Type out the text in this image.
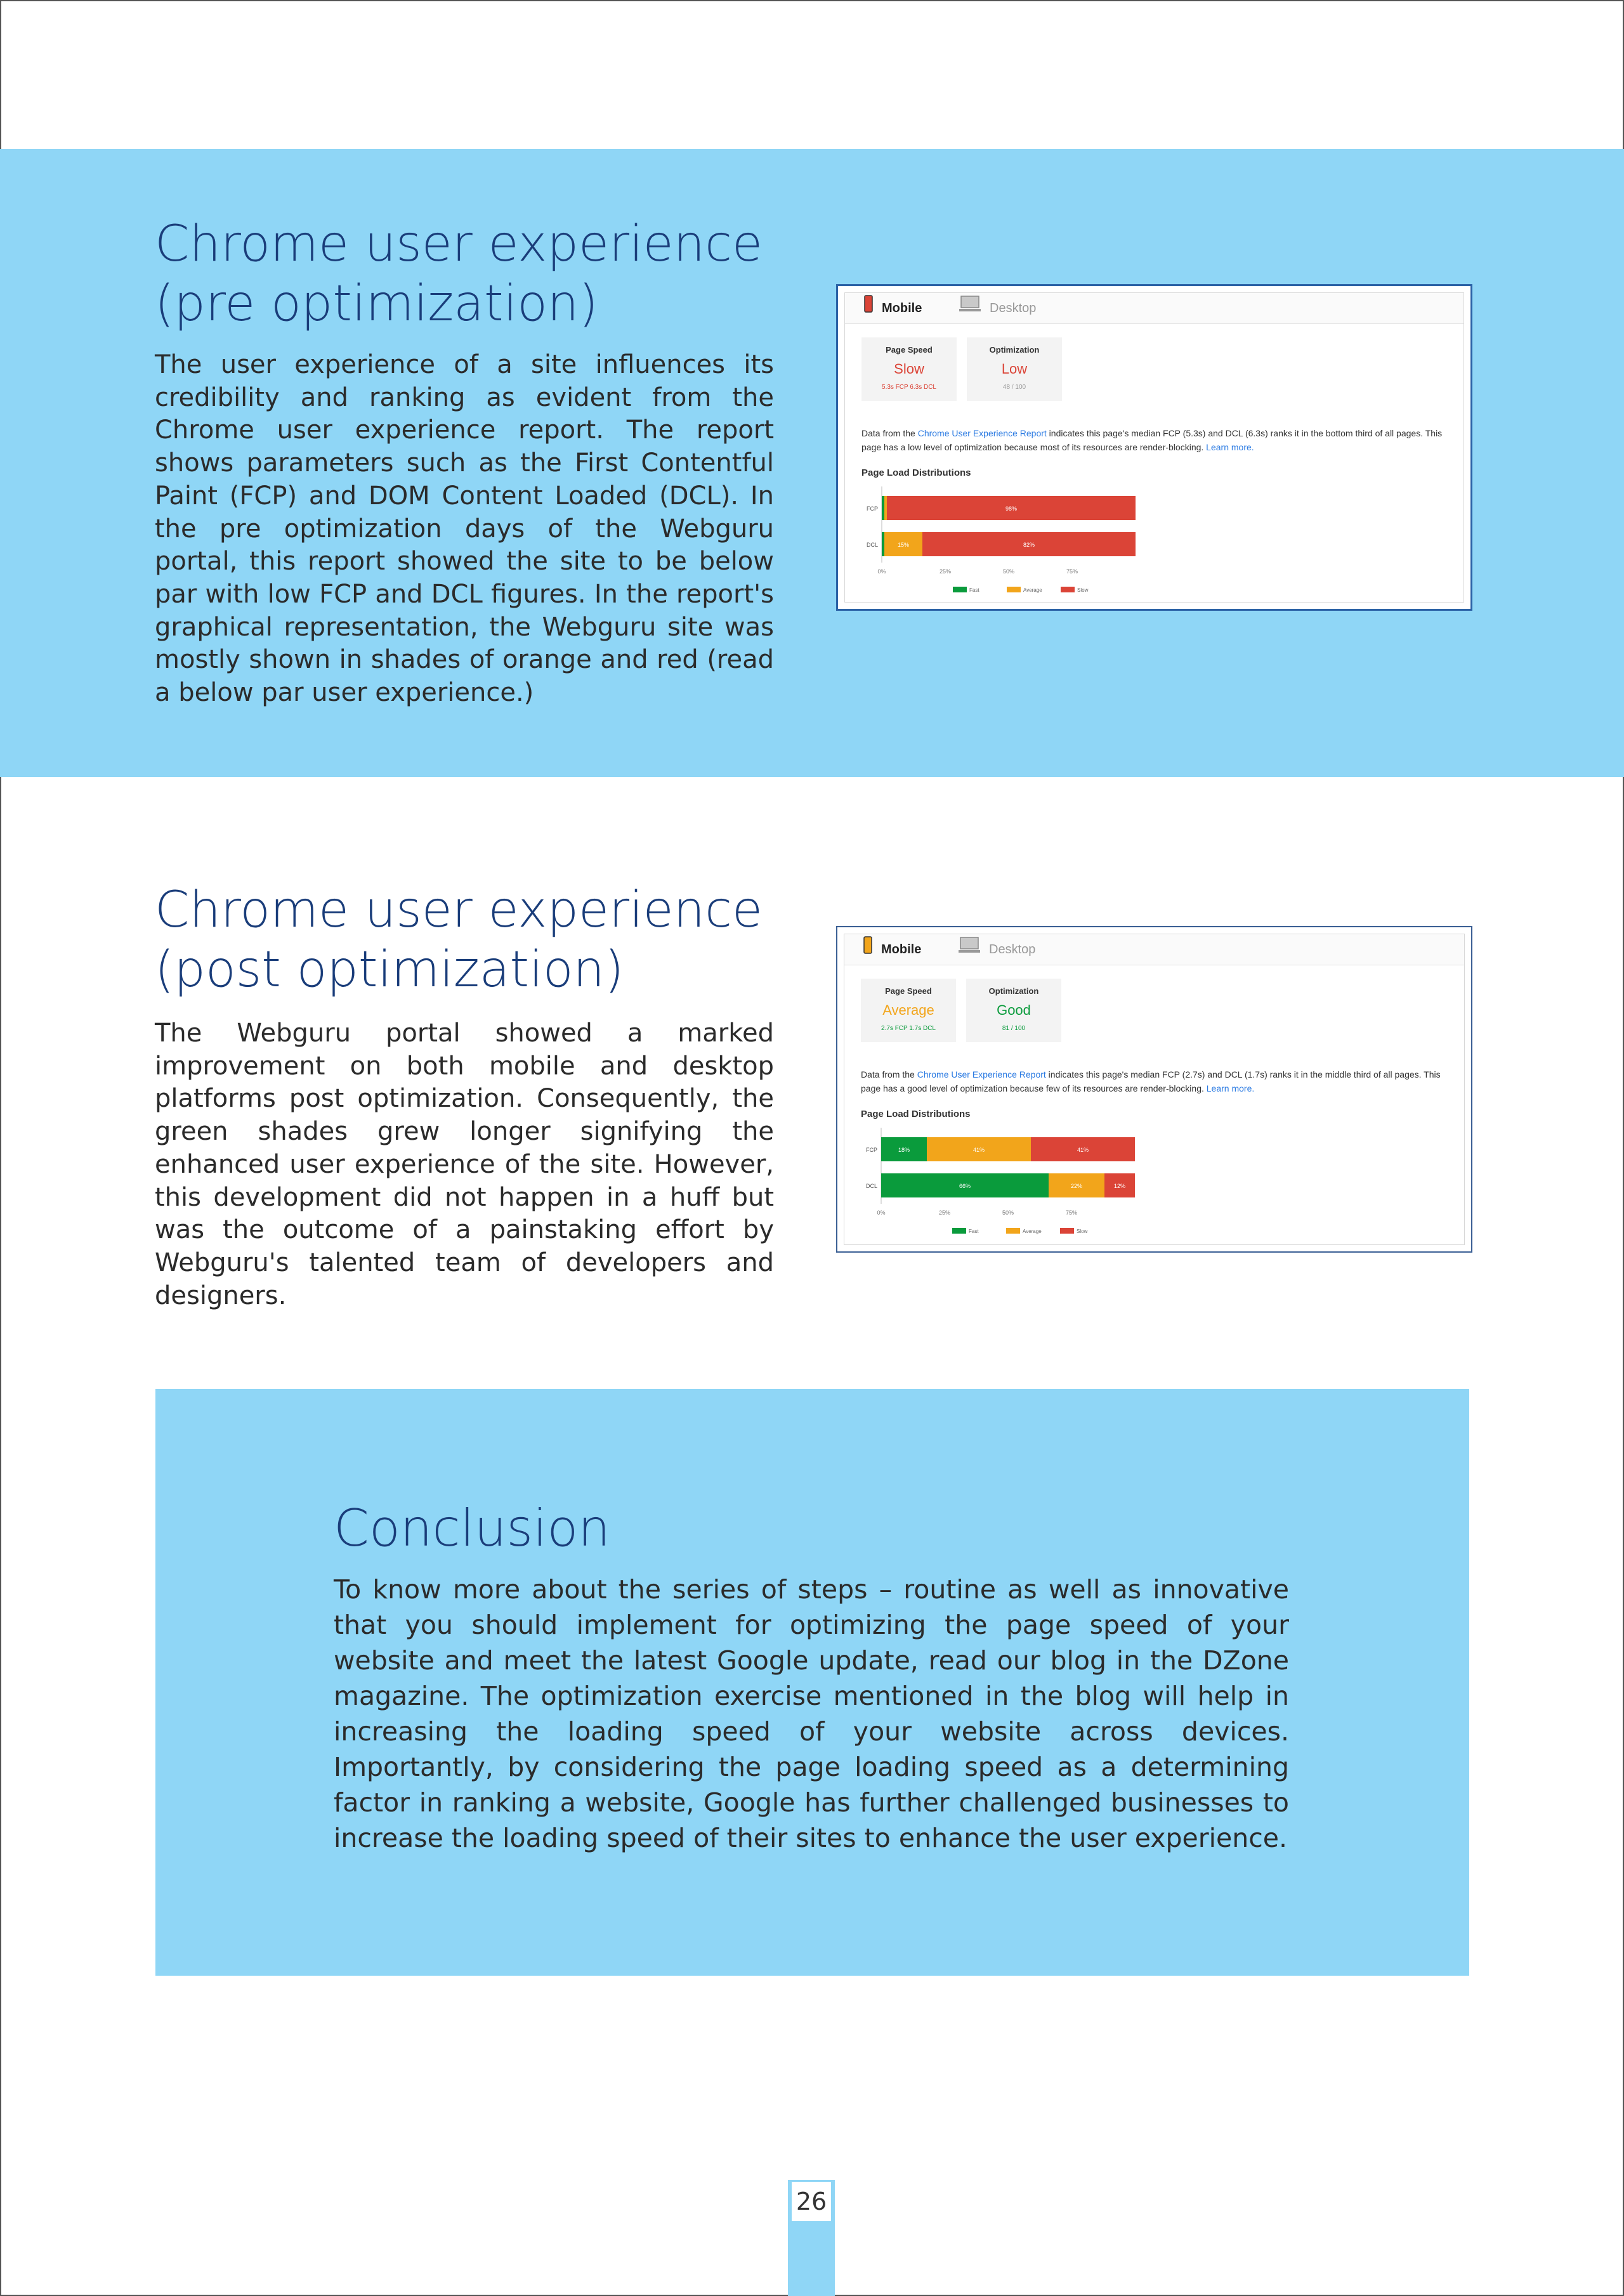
Chrome user experience
(pre optimization)

The user experience of a site influences its credibility and ranking as evident from the Chrome user experience report. The report shows parameters such as the First Contentful Paint (FCP) and DOM Content Loaded (DCL). In the pre optimization days of the Webguru portal, this report showed the site to be below par with low FCP and DCL figures. In the report's graphical representation, the Webguru site was mostly shown in shades of orange and red (read a below par user experience.)

Mobile	Desktop
Page Speed
Slow
5.3s FCP 6.3s DCL
Optimization
Low
48 / 100
Data from the Chrome User Experience Report indicates this page's median FCP (5.3s) and DCL (6.3s) ranks it in the bottom third of all pages. This page has a low level of optimization because most of its resources are render-blocking. Learn more.
Page Load Distributions
FCP	98%
DCL	15%	82%
0%	25%	50%	75%
Fast	Average	Slow
Chrome user experience
(post optimization)

The Webguru portal showed a marked improvement on both mobile and desktop platforms post optimization. Consequently, the green shades grew longer signifying the enhanced user experience of the site. However, this development did not happen in a huff but was the outcome of a painstaking effort by Webguru's talented team of developers and designers.

Mobile	Desktop
Page Speed
Average
2.7s FCP 1.7s DCL
Optimization
Good
81 / 100
Data from the Chrome User Experience Report indicates this page's median FCP (2.7s) and DCL (1.7s) ranks it in the middle third of all pages. This page has a good level of optimization because few of its resources are render-blocking. Learn more.
Page Load Distributions
FCP	18%	41%	41%
DCL	66%	22%	12%
0%	25%	50%	75%
Fast	Average	Slow
Conclusion

To know more about the series of steps – routine as well as innovative that you should implement for optimizing the page speed of your website and meet the latest Google update, read our blog in the DZone magazine. The optimization exercise mentioned in the blog will help in increasing the loading speed of your website across devices. Importantly, by considering the page loading speed as a determining factor in ranking a website, Google has further challenged businesses to increase the loading speed of their sites to enhance the user experience.

26
